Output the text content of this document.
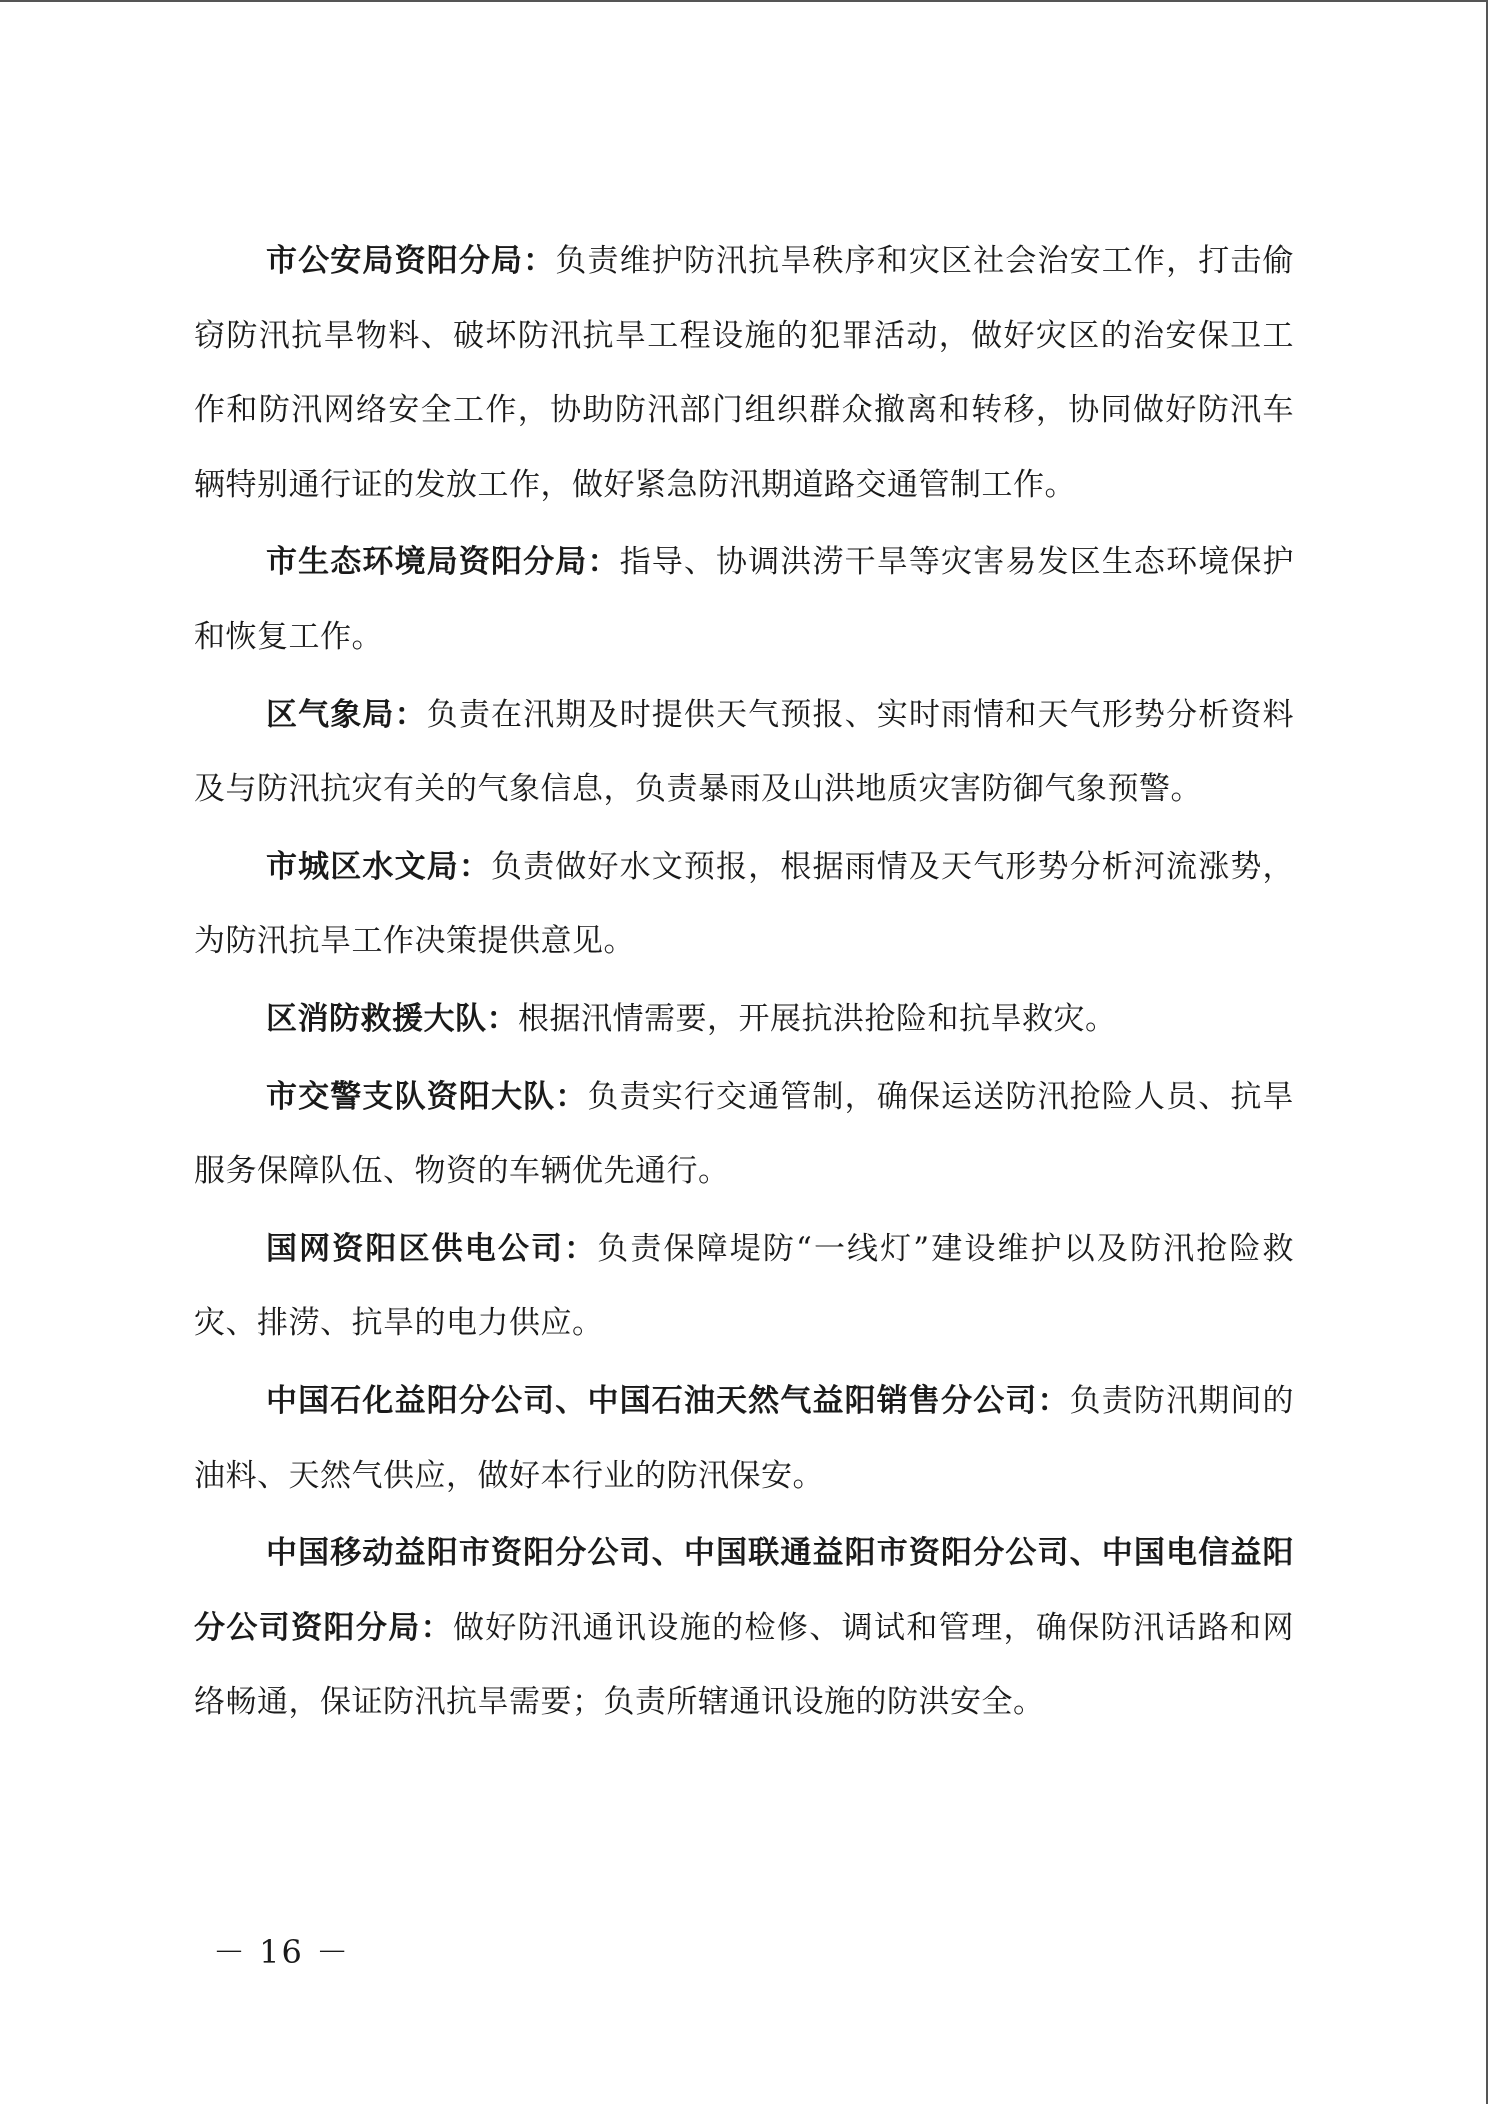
市公安局资阳分局：负责维护防汛抗旱秩序和灾区社会治安工作，打击偷窃防汛抗旱物料、破坏防汛抗旱工程设施的犯罪活动，做好灾区的治安保卫工作和防汛网络安全工作，协助防汛部门组织群众撤离和转移，协同做好防汛车辆特别通行证的发放工作，做好紧急防汛期道路交通管制工作。

市生态环境局资阳分局：指导、协调洪涝干旱等灾害易发区生态环境保护和恢复工作。

区气象局：负责在汛期及时提供天气预报、实时雨情和天气形势分析资料及与防汛抗灾有关的气象信息，负责暴雨及山洪地质灾害防御气象预警。

市城区水文局：负责做好水文预报，根据雨情及天气形势分析河流涨势，为防汛抗旱工作决策提供意见。

区消防救援大队：根据汛情需要，开展抗洪抢险和抗旱救灾。

市交警支队资阳大队：负责实行交通管制，确保运送防汛抢险人员、抗旱服务保障队伍、物资的车辆优先通行。

国网资阳区供电公司：负责保障堤防“一线灯”建设维护以及防汛抢险救灾、排涝、抗旱的电力供应。

中国石化益阳分公司、中国石油天然气益阳销售分公司：负责防汛期间的油料、天然气供应，做好本行业的防汛保安。

中国移动益阳市资阳分公司、中国联通益阳市资阳分公司、中国电信益阳分公司资阳分局：做好防汛通讯设施的检修、调试和管理，确保防汛话路和网络畅通，保证防汛抗旱需要；负责所辖通讯设施的防洪安全。

－ 16 －
